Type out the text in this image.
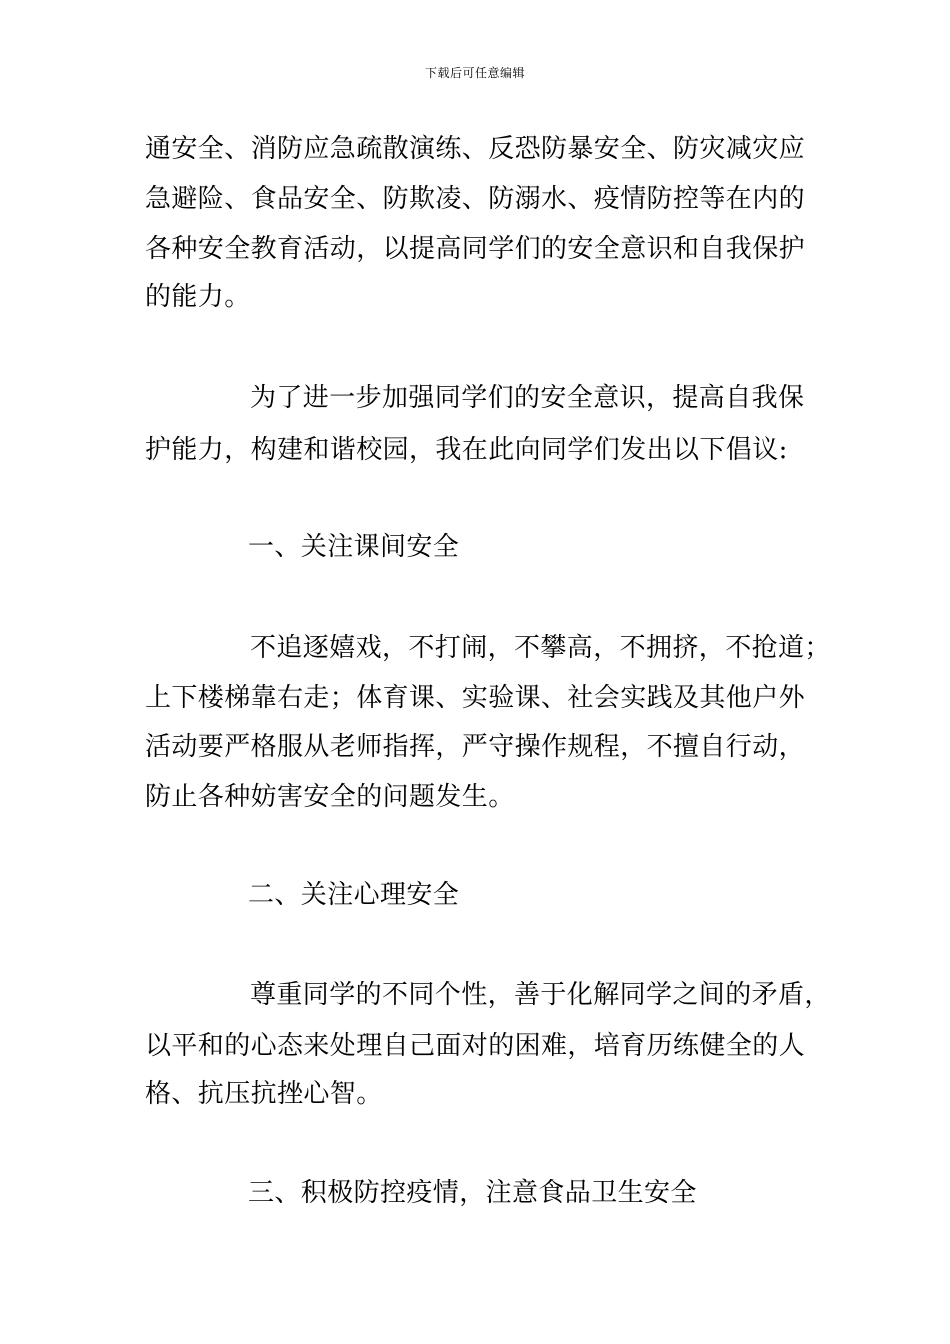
下载后可任意编辑
通安全、消防应急疏散演练、反恐防暴安全、防灾减灾应
急避险、食品安全、防欺凌、防溺水、疫情防控等在内的
各种安全教育活动，以提高同学们的安全意识和自我保护
的能力。
为了进一步加强同学们的安全意识，提高自我保
护能力，构建和谐校园，我在此向同学们发出以下倡议:
一、关注课间安全
不追逐嬉戏，不打闹，不攀高，不拥挤，不抢道；
上下楼梯靠右走；体育课、实验课、社会实践及其他户外
活动要严格服从老师指挥，严守操作规程，不擅自行动，
防止各种妨害安全的问题发生。
二、关注心理安全
尊重同学的不同个性，善于化解同学之间的矛盾，
以平和的心态来处理自己面对的困难，培育历练健全的人
格、抗压抗挫心智。
三、积极防控疫情，注意食品卫生安全
